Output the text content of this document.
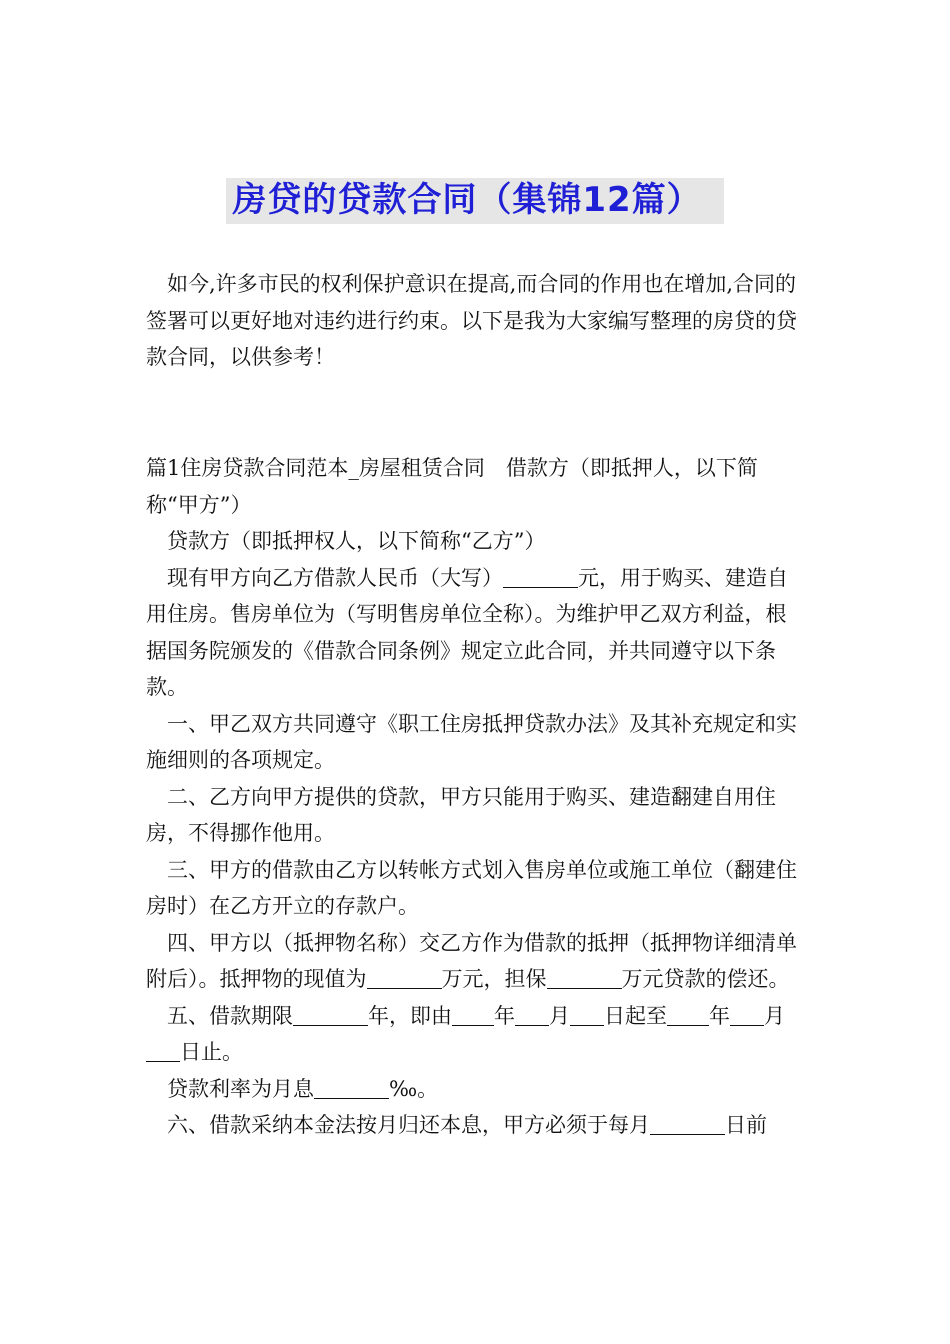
房贷的贷款合同（集锦12篇）

如今,许多市民的权利保护意识在提高,而合同的作用也在增加,合同的签署可以更好地对违约进行约束。以下是我为大家编写整理的房贷的贷款合同，以供参考！

篇1住房贷款合同范本_房屋租赁合同　借款方（即抵押人，以下简称“甲方”）

贷款方（即抵押权人，以下简称“乙方”）

现有甲方向乙方借款人民币（大写）	元，用于购买、建造自用住房。售房单位为（写明售房单位全称）。为维护甲乙双方利益，根据国务院颁发的《借款合同条例》规定立此合同，并共同遵守以下条款。

一、甲乙双方共同遵守《职工住房抵押贷款办法》及其补充规定和实施细则的各项规定。

二、乙方向甲方提供的贷款，甲方只能用于购买、建造翻建自用住房，不得挪作他用。

三、甲方的借款由乙方以转帐方式划入售房单位或施工单位（翻建住房时）在乙方开立的存款户。

四、甲方以（抵押物名称）交乙方作为借款的抵押（抵押物详细清单附后）。抵押物的现值为	万元，担保	万元贷款的偿还。

五、借款期限	年，即由 年 月 日起至 年 月日止。

贷款利率为月息	‰。

六、借款采纳本金法按月归还本息，甲方必须于每月	日前
